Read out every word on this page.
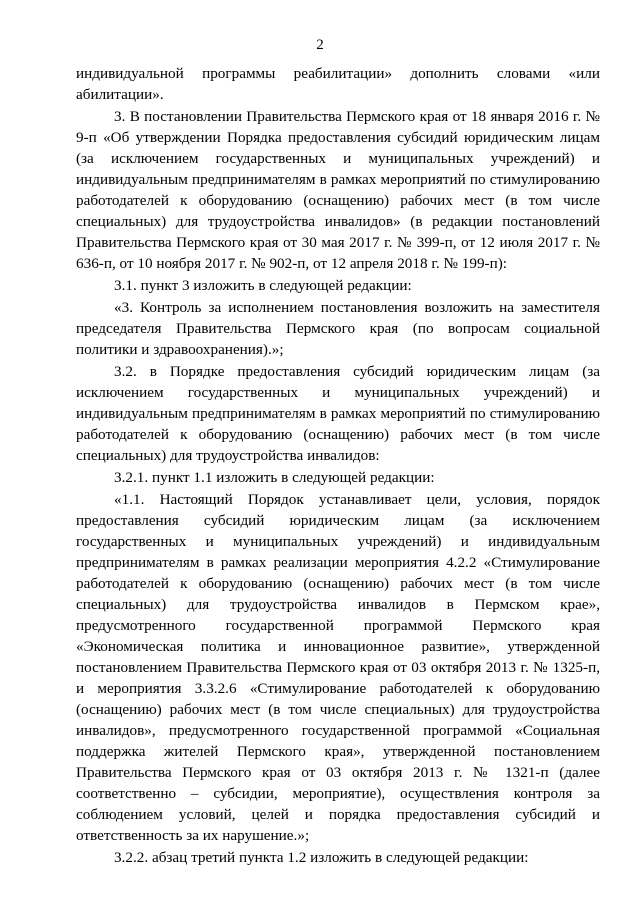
2

индивидуальной программы реабилитации» дополнить словами «или абилитации».

3. В постановлении Правительства Пермского края от 18 января 2016 г. № 9-п «Об утверждении Порядка предоставления субсидий юридическим лицам (за исключением государственных и муниципальных учреждений) и индивидуальным предпринимателям в рамках мероприятий по стимулированию работодателей к оборудованию (оснащению) рабочих мест (в том числе специальных) для трудоустройства инвалидов» (в редакции постановлений Правительства Пермского края от 30 мая 2017 г. № 399-п, от 12 июля 2017 г. № 636-п, от 10 ноября 2017 г. № 902-п, от 12 апреля 2018 г. № 199-п):

3.1. пункт 3 изложить в следующей редакции:

«3. Контроль за исполнением постановления возложить на заместителя председателя Правительства Пермского края (по вопросам социальной политики и здравоохранения).»;

3.2. в Порядке предоставления субсидий юридическим лицам (за исключением государственных и муниципальных учреждений) и индивидуальным предпринимателям в рамках мероприятий по стимулированию работодателей к оборудованию (оснащению) рабочих мест (в том числе специальных) для трудоустройства инвалидов:

3.2.1. пункт 1.1 изложить в следующей редакции:

«1.1. Настоящий Порядок устанавливает цели, условия, порядок предоставления субсидий юридическим лицам (за исключением государственных и муниципальных учреждений) и индивидуальным предпринимателям в рамках реализации мероприятия 4.2.2 «Стимулирование работодателей к оборудованию (оснащению) рабочих мест (в том числе специальных) для трудоустройства инвалидов в Пермском крае», предусмотренного государственной программой Пермского края «Экономическая политика и инновационное развитие», утвержденной постановлением Правительства Пермского края от 03 октября 2013 г. № 1325-п, и мероприятия 3.3.2.6 «Стимулирование работодателей к оборудованию (оснащению) рабочих мест (в том числе специальных) для трудоустройства инвалидов», предусмотренного государственной программой «Социальная поддержка жителей Пермского края», утвержденной постановлением Правительства Пермского края от 03 октября 2013 г. № 1321-п (далее соответственно – субсидии, мероприятие), осуществления контроля за соблюдением условий, целей и порядка предоставления субсидий и ответственность за их нарушение.»;

3.2.2. абзац третий пункта 1.2 изложить в следующей редакции:
